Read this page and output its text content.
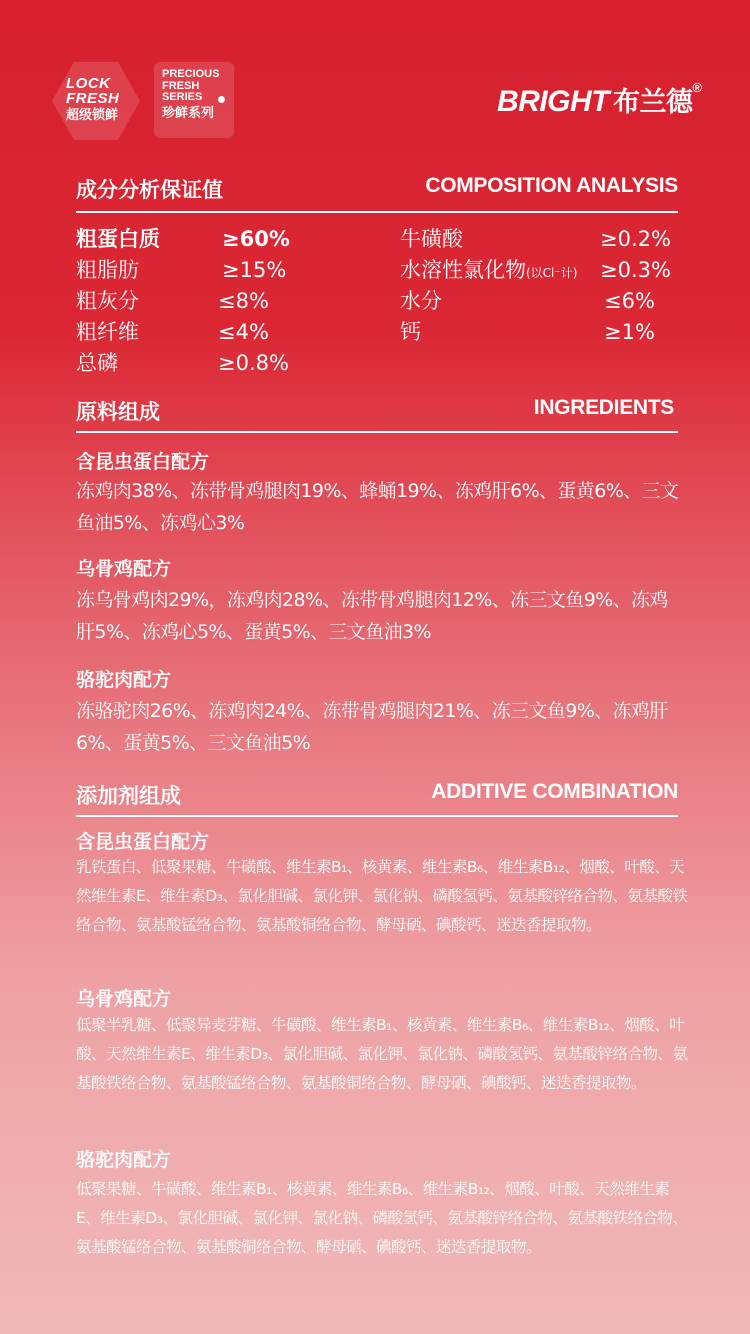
LOCK
FRESH
超级锁鲜
PRECIOUS
FRESH
SERIES
珍鲜系列	BRIGHT 布兰德®
成分分析保证值	COMPOSITION ANALYSIS
粗蛋白质	≥60%
粗脂肪	≥15%
粗灰分	≤8%
粗纤维	≤4%
总磷	≥0.8%
牛磺酸	≥0.2%
水溶性氯化物(以Cl⁻计) ≥0.3%
水分	≤6%
钙	≥1%
原料组成	INGREDIENTS
含昆虫蛋白配方
冻鸡肉38%、冻带骨鸡腿肉19%、蜂蛹19%、冻鸡肝6%、蛋黄6%、三文鱼油5%、冻鸡心3%
乌骨鸡配方
冻乌骨鸡肉29%，冻鸡肉28%、冻带骨鸡腿肉12%、冻三文鱼9%、冻鸡肝5%、冻鸡心5%、蛋黄5%、三文鱼油3%
骆驼肉配方
冻骆驼肉26%、冻鸡肉24%、冻带骨鸡腿肉21%、冻三文鱼9%、冻鸡肝6%、蛋黄5%、三文鱼油5%
添加剂组成	ADDITIVE COMBINATION
含昆虫蛋白配方
乳铁蛋白、低聚果糖、牛磺酸、维生素B₁、核黄素、维生素B₆、维生素B₁₂、烟酸、叶酸、天然维生素E、维生素D₃、氯化胆碱、氯化钾、氯化钠、磷酸氢钙、氨基酸锌络合物、氨基酸铁络合物、氨基酸锰络合物、氨基酸铜络合物、酵母硒、碘酸钙、迷迭香提取物。
乌骨鸡配方
低聚半乳糖、低聚异麦芽糖、牛磺酸、维生素B₁、核黄素、维生素B₆、维生素B₁₂、烟酸、叶酸、天然维生素E、维生素D₃、氯化胆碱、氯化钾、氯化钠、磷酸氢钙、氨基酸锌络合物、氨基酸铁络合物、氨基酸锰络合物、氨基酸铜络合物、酵母硒、碘酸钙、迷迭香提取物。
骆驼肉配方
低聚果糖、牛磺酸、维生素B₁、核黄素、维生素B₆、维生素B₁₂、烟酸、叶酸、天然维生素E、维生素D₃、氯化胆碱、氯化钾、氯化钠、磷酸氢钙、氨基酸锌络合物、氨基酸铁络合物、氨基酸锰络合物、氨基酸铜络合物、酵母硒、碘酸钙、迷迭香提取物。
